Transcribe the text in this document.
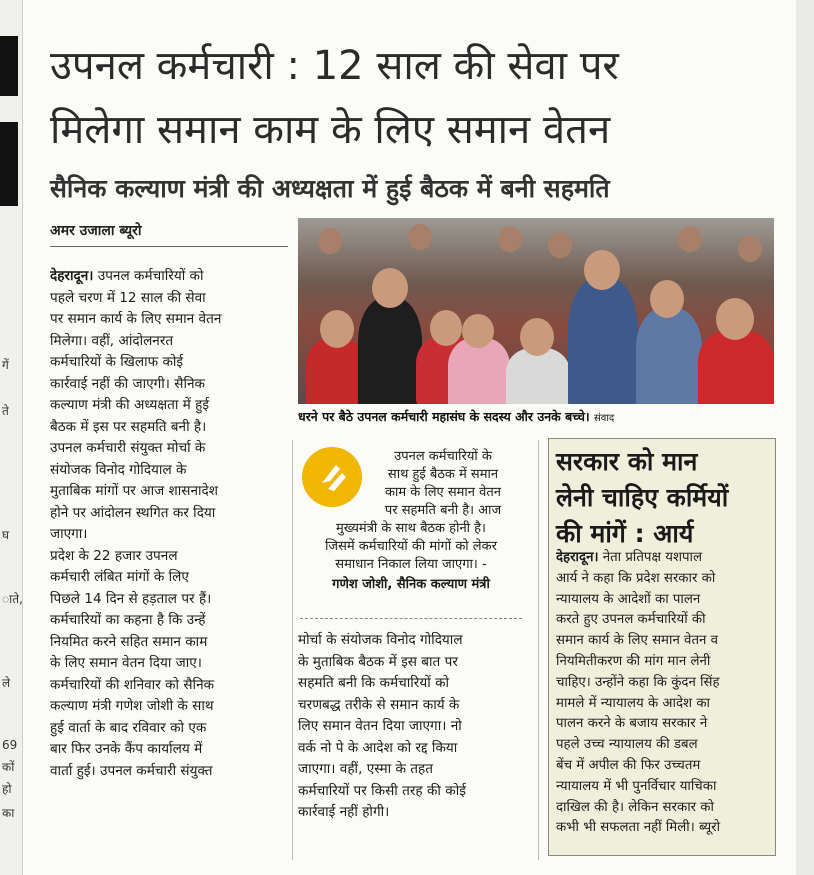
गें
ते
घ
ाते,
ले
69
कों
हो
का
उपनल कर्मचारी : 12 साल की सेवा पर
मिलेगा समान काम के लिए समान वेतन
सैनिक कल्याण मंत्री की अध्यक्षता में हुई बैठक में बनी सहमति
अमर उजाला ब्यूरो
देहरादून। उपनल कर्मचारियों को
पहले चरण में 12 साल की सेवा
पर समान कार्य के लिए समान वेतन
मिलेगा। वहीं, आंदोलनरत
कर्मचारियों के खिलाफ कोई
कार्रवाई नहीं की जाएगी। सैनिक
कल्याण मंत्री की अध्यक्षता में हुई
बैठक में इस पर सहमति बनी है।
उपनल कर्मचारी संयुक्त मोर्चा के
संयोजक विनोद गोदियाल के
मुताबिक मांगों पर आज शासनादेश
होने पर आंदोलन स्थगित कर दिया
जाएगा।
प्रदेश के 22 हजार उपनल
कर्मचारी लंबित मांगों के लिए
पिछले 14 दिन से हड़ताल पर हैं।
कर्मचारियों का कहना है कि उन्हें
नियमित करने सहित समान काम
के लिए समान वेतन दिया जाए।
कर्मचारियों की शनिवार को सैनिक
कल्याण मंत्री गणेश जोशी के साथ
हुई वार्ता के बाद रविवार को एक
बार फिर उनके कैंप कार्यालय में
वार्ता हुई। उपनल कर्मचारी संयुक्त
धरने पर बैठे उपनल कर्मचारी महासंघ के सदस्य और उनके बच्चे। संवाद
उपनल कर्मचारियों के
साथ हुई बैठक में समान
काम के लिए समान वेतन
पर सहमति बनी है। आज
मुख्यमंत्री के साथ बैठक होनी है।
जिसमें कर्मचारियों की मांगों को लेकर
समाधान निकाल लिया जाएगा। -
गणेश जोशी, सैनिक कल्याण मंत्री
मोर्चा के संयोजक विनोद गोदियाल
के मुताबिक बैठक में इस बात पर
सहमति बनी कि कर्मचारियों को
चरणबद्ध तरीके से समान कार्य के
लिए समान वेतन दिया जाएगा। नो
वर्क नो पे के आदेश को रद्द किया
जाएगा। वहीं, एस्मा के तहत
कर्मचारियों पर किसी तरह की कोई
कार्रवाई नहीं होगी।
सरकार को मान
लेनी चाहिए कर्मियों
की मांगें : आर्य
देहरादून। नेता प्रतिपक्ष यशपाल
आर्य ने कहा कि प्रदेश सरकार को
न्यायालय के आदेशों का पालन
करते हुए उपनल कर्मचारियों की
समान कार्य के लिए समान वेतन व
नियमितीकरण की मांग मान लेनी
चाहिए। उन्होंने कहा कि कुंदन सिंह
मामले में न्यायालय के आदेश का
पालन करने के बजाय सरकार ने
पहले उच्च न्यायालय की डबल
बेंच में अपील की फिर उच्चतम
न्यायालय में भी पुनर्विचार याचिका
दाखिल की है। लेकिन सरकार को
कभी भी सफलता नहीं मिली। ब्यूरो
